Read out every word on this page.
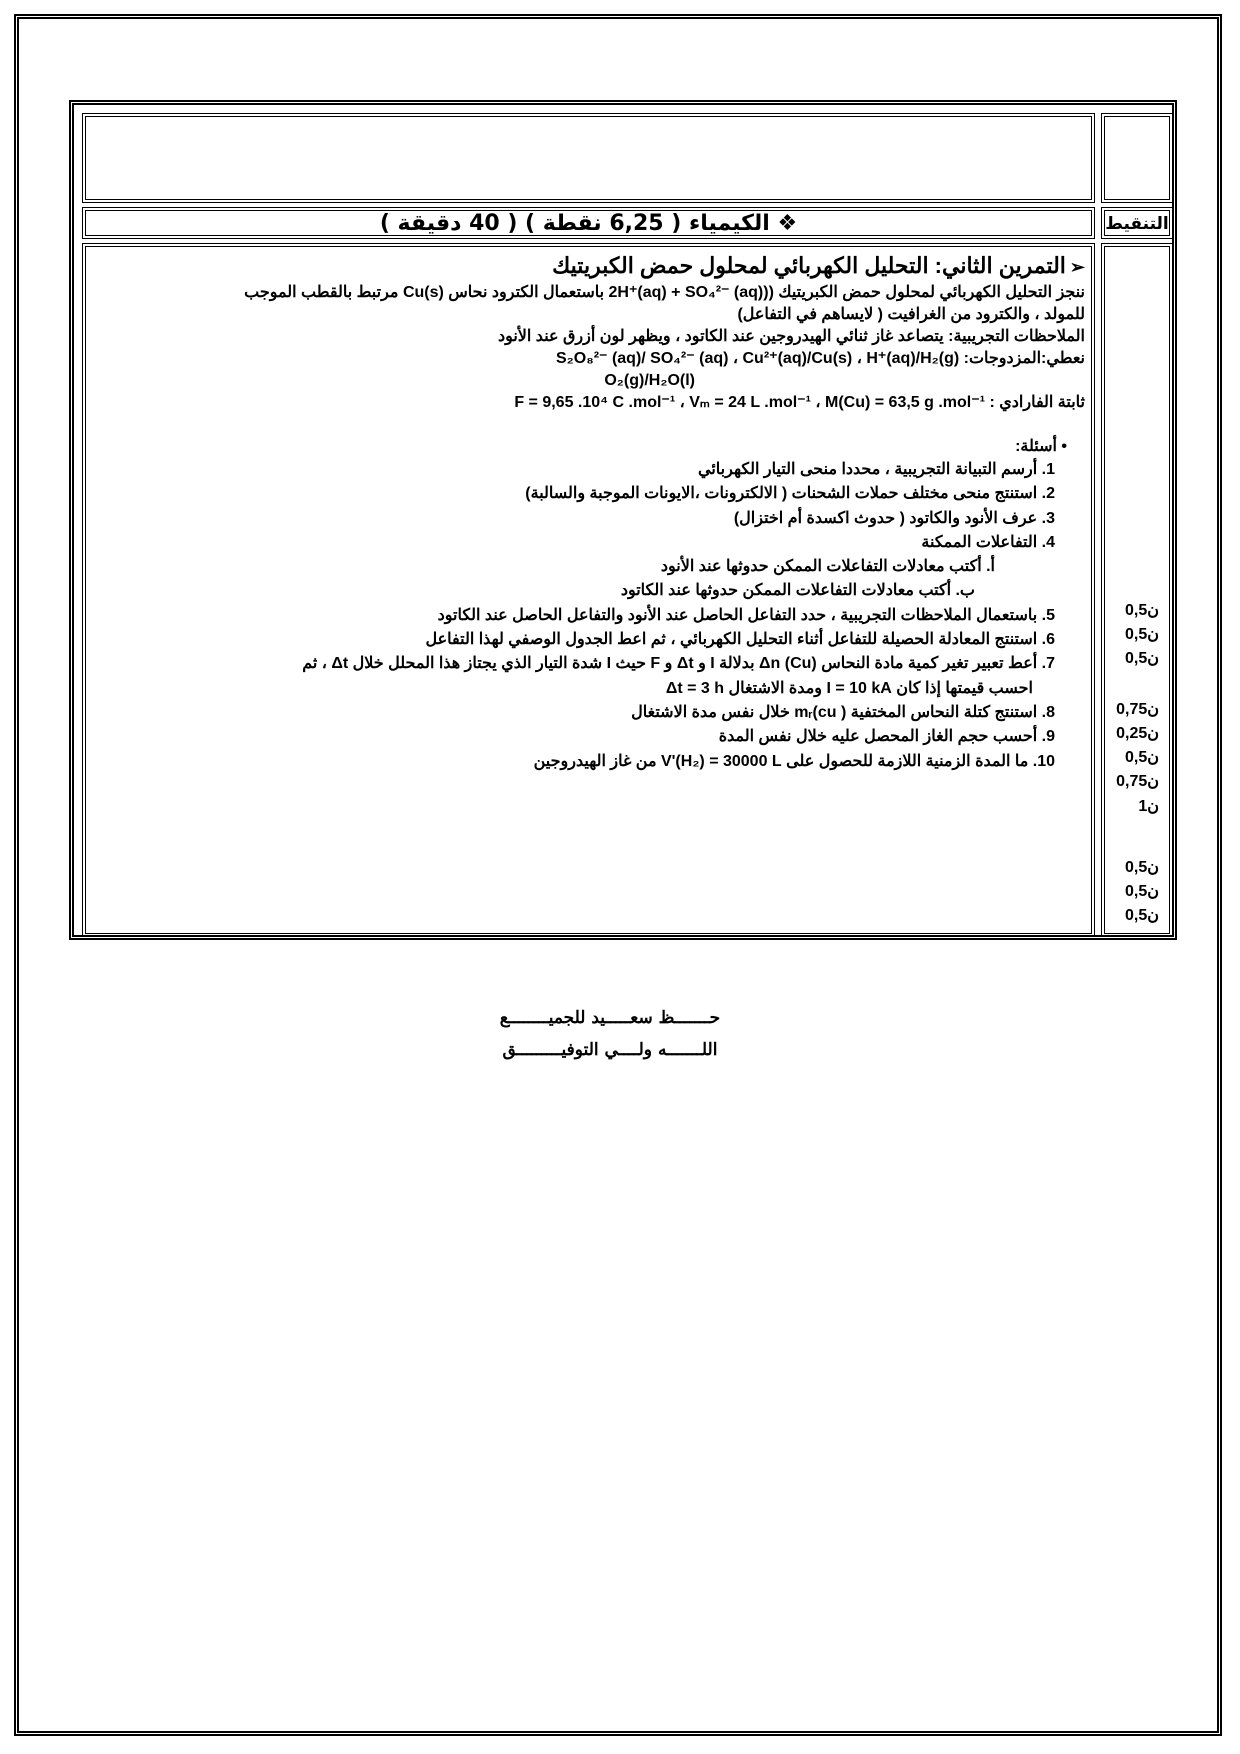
❖ الكيمياء ( 6,25 نقطة ) ( 40 دقيقة )	التنقيط

➢التمرين الثاني: التحليل الكهربائي لمحلول حمض الكبريتيك

ننجز التحليل الكهربائي لمحلول حمض الكبريتيك ((2H⁺(aq) + SO₄²⁻ (aq) باستعمال الكترود نحاس Cu(s) مرتبط بالقطب الموجب

للمولد ، والكترود من الغرافيت ( لايساهم في التفاعل)

الملاحظات التجريبية: يتصاعد غاز ثنائي الهيدروجين عند الكاتود ، ويظهر لون أزرق عند الأنود

نعطي:المزدوجات: S₂O₈²⁻ (aq)/ SO₄²⁻ (aq) ، Cu²⁺(aq)/Cu(s) ، H⁺(aq)/H₂(g)

O₂(g)/H₂O(l)

ثابتة الفارادي : F = 9,65 .10⁴ C .mol⁻¹ ، Vₘ = 24 L .mol⁻¹ ، M(Cu) = 63,5 g .mol⁻¹

• أسئلة:

1. أرسم التبيانة التجريبية ، محددا منحى التيار الكهربائي
2. استنتج منحى مختلف حملات الشحنات ( الالكترونات ،الايونات الموجبة والسالبة)
3. عرف الأنود والكاتود ( حدوث اكسدة أم اختزال)
4. التفاعلات الممكنة
أ. أكتب معادلات التفاعلات الممكن حدوثها عند الأنود
ب. أكتب معادلات التفاعلات الممكن حدوثها عند الكاتود
5. باستعمال الملاحظات التجريبية ، حدد التفاعل الحاصل عند الأنود والتفاعل الحاصل عند الكاتود
6. استنتج المعادلة الحصيلة للتفاعل أثناء التحليل الكهربائي ، ثم اعط الجدول الوصفي لهذا التفاعل
7. أعط تعبير تغير كمية مادة النحاس Δn (Cu) بدلالة I و Δt و F حيث I شدة التيار الذي يجتاز هذا المحلل خلال Δt ، ثم
احسب قيمتها إذا كان I = 10 kA ومدة الاشتغال Δt = 3 h
8. استنتج كتلة النحاس المختفية ( mᵣ(cu خلال نفس مدة الاشتغال
9. أحسب حجم الغاز المحصل عليه خلال نفس المدة
10. ما المدة الزمنية اللازمة للحصول على V'(H₂) = 30000 L من غاز الهيدروجين
0,5ن
0,5ن
0,5ن
0,75ن
0,25ن
0,5ن
0,75ن
1ن
0,5ن
0,5ن
0,5ن
حـــــــظ سعـــــيد للجميــــــــع
اللـــــــه ولــــي التوفيـــــــــق
